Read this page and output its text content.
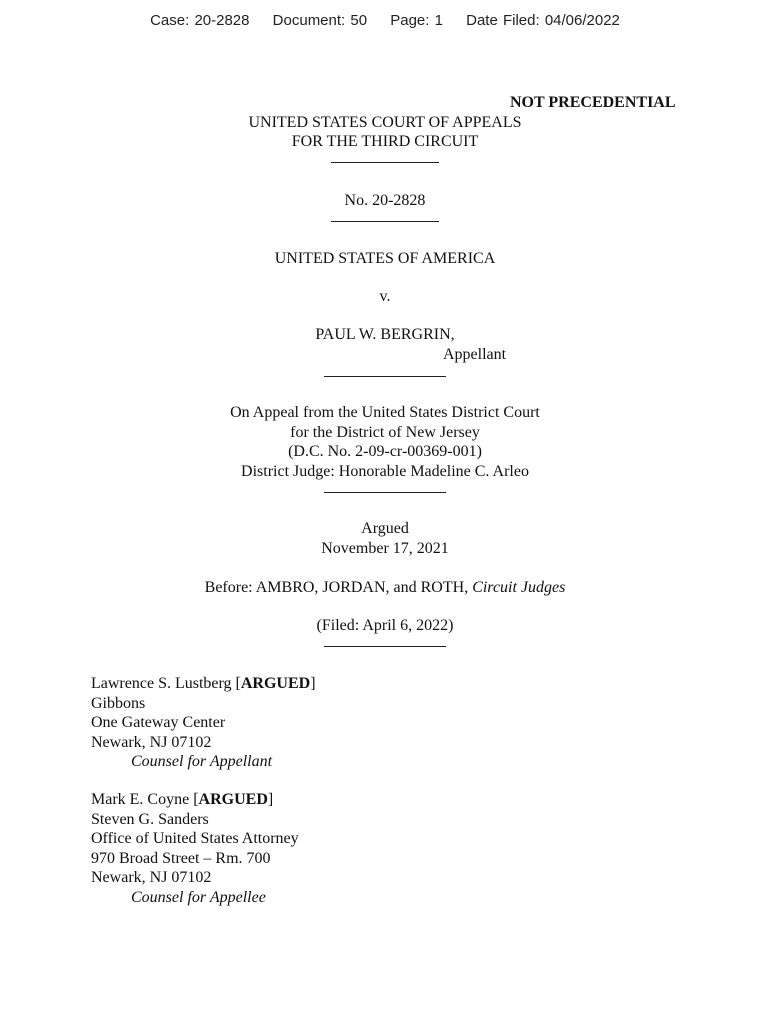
Case: 20-2828 Document: 50 Page: 1 Date Filed: 04/06/2022
NOT PRECEDENTIAL
UNITED STATES COURT OF APPEALS
FOR THE THIRD CIRCUIT
No. 20-2828
UNITED STATES OF AMERICA
v.
PAUL W. BERGRIN,
Appellant
On Appeal from the United States District Court
for the District of New Jersey
(D.C. No. 2-09-cr-00369-001)
District Judge: Honorable Madeline C. Arleo
Argued
November 17, 2021
Before: AMBRO, JORDAN, and ROTH, Circuit Judges
(Filed: April 6, 2022)
Lawrence S. Lustberg [ARGUED]
Gibbons
One Gateway Center
Newark, NJ 07102
Counsel for Appellant
Mark E. Coyne [ARGUED]
Steven G. Sanders
Office of United States Attorney
970 Broad Street – Rm. 700
Newark, NJ 07102
Counsel for Appellee
